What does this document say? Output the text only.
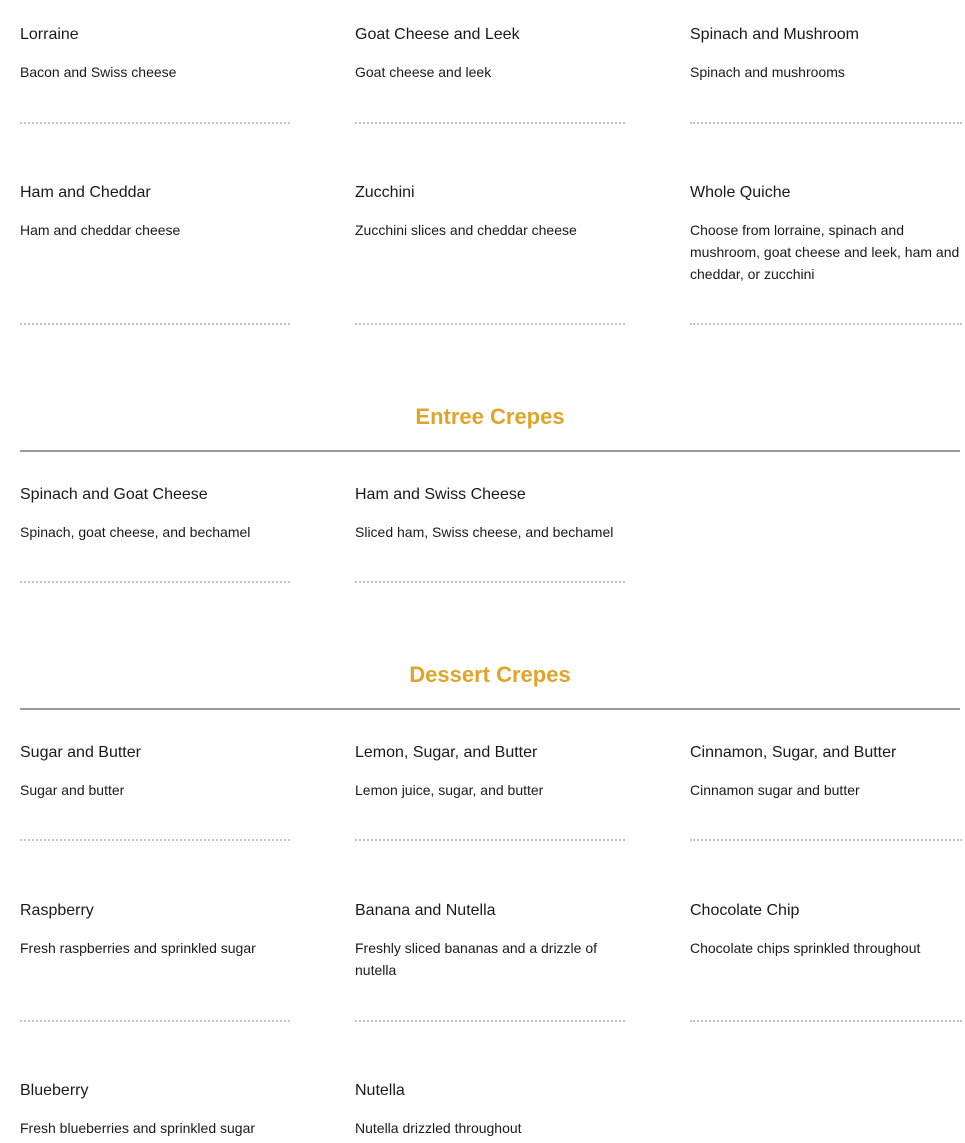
Lorraine
Bacon and Swiss cheese
Goat Cheese and Leek
Goat cheese and leek
Spinach and Mushroom
Spinach and mushrooms
Ham and Cheddar
Ham and cheddar cheese
Zucchini
Zucchini slices and cheddar cheese
Whole Quiche
Choose from lorraine, spinach and mushroom, goat cheese and leek, ham and cheddar, or zucchini
Entree Crepes
Spinach and Goat Cheese
Spinach, goat cheese, and bechamel
Ham and Swiss Cheese
Sliced ham, Swiss cheese, and bechamel
Dessert Crepes
Sugar and Butter
Sugar and butter
Lemon, Sugar, and Butter
Lemon juice, sugar, and butter
Cinnamon, Sugar, and Butter
Cinnamon sugar and butter
Raspberry
Fresh raspberries and sprinkled sugar
Banana and Nutella
Freshly sliced bananas and a drizzle of nutella
Chocolate Chip
Chocolate chips sprinkled throughout
Blueberry
Fresh blueberries and sprinkled sugar
Nutella
Nutella drizzled throughout
